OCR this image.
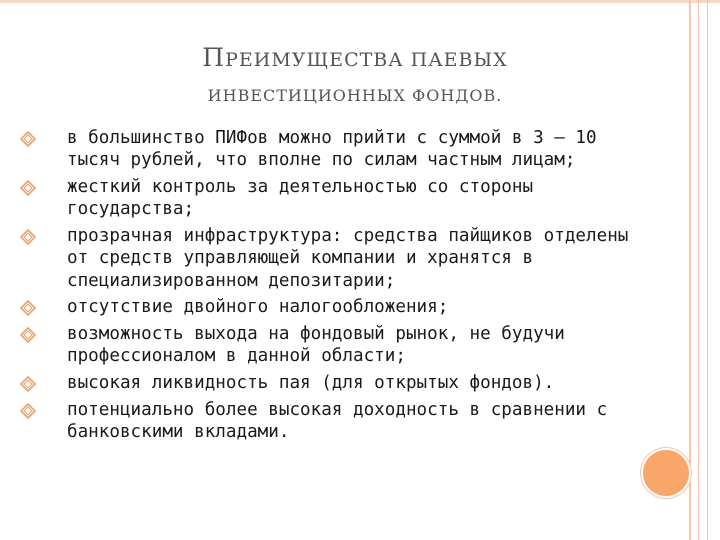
ПРЕИМУЩЕСТВА ПАЕВЫХ
ИНВЕСТИЦИОННЫХ ФОНДОВ.
в большинство ПИФов можно прийти с суммой в 3 – 10 тысяч рублей, что вполне по силам частным лицам;
жесткий контроль за деятельностью со стороны государства;
прозрачная инфраструктура: средства пайщиков отделены от средств управляющей компании и хранятся в специализированном депозитарии;
отсутствие двойного налогообложения;
возможность выхода на фондовый рынок, не будучи профессионалом в данной области;
высокая ликвидность пая (для открытых фондов).
потенциально более высокая доходность в сравнении с банковскими вкладами.
